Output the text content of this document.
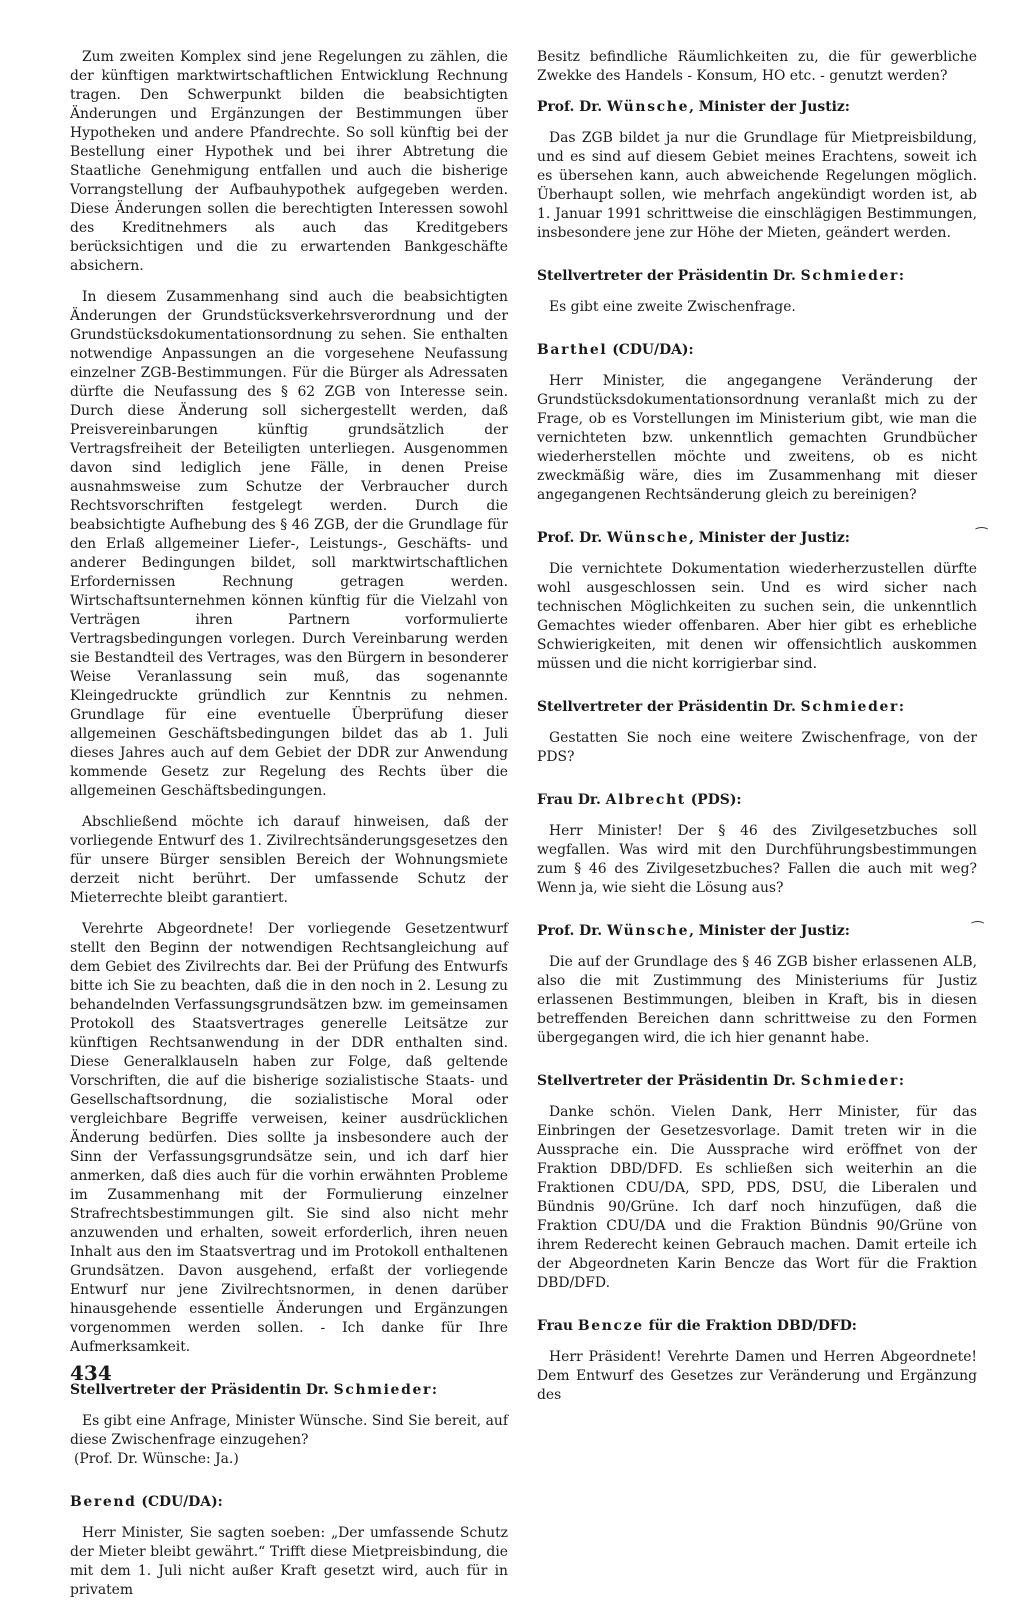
Zum zweiten Komplex sind jene Regelungen zu zählen, die der künftigen marktwirtschaftlichen Entwicklung Rechnung tragen. Den Schwerpunkt bilden die beabsichtigten Änderungen und Ergänzungen der Bestimmungen über Hypotheken und andere Pfandrechte. So soll künftig bei der Bestellung einer Hypothek und bei ihrer Abtretung die Staatliche Genehmigung entfallen und auch die bisherige Vorrangstellung der Aufbauhypothek aufgegeben werden. Diese Änderungen sollen die berechtigten Interessen sowohl des Kreditnehmers als auch das Kreditgebers berücksichtigen und die zu erwartenden Bankgeschäfte absichern.

In diesem Zusammenhang sind auch die beabsichtigten Änderungen der Grundstücksverkehrsverordnung und der Grundstücksdokumentationsordnung zu sehen. Sie enthalten notwendige Anpassungen an die vorgesehene Neufassung einzelner ZGB-Bestimmungen. Für die Bürger als Adressaten dürfte die Neufassung des § 62 ZGB von Interesse sein. Durch diese Änderung soll sichergestellt werden, daß Preisvereinbarungen künftig grundsätzlich der Vertragsfreiheit der Beteiligten unterliegen. Ausgenommen davon sind lediglich jene Fälle, in denen Preise ausnahmsweise zum Schutze der Verbraucher durch Rechtsvorschriften festgelegt werden. Durch die beabsichtigte Aufhebung des § 46 ZGB, der die Grundlage für den Erlaß allgemeiner Liefer-, Leistungs-, Geschäfts- und anderer Bedingungen bildet, soll marktwirtschaftlichen Erfordernissen Rechnung getragen werden. Wirtschaftsunternehmen können künftig für die Vielzahl von Verträgen ihren Partnern vorformulierte Vertragsbedingungen vorlegen. Durch Vereinbarung werden sie Bestandteil des Vertrages, was den Bürgern in besonderer Weise Veranlassung sein muß, das sogenannte Kleingedruckte gründlich zur Kenntnis zu nehmen. Grundlage für eine eventuelle Überprüfung dieser allgemeinen Geschäftsbedingungen bildet das ab 1. Juli dieses Jahres auch auf dem Gebiet der DDR zur Anwendung kommende Gesetz zur Regelung des Rechts über die allgemeinen Geschäftsbedingungen.

Abschließend möchte ich darauf hinweisen, daß der vorliegende Entwurf des 1. Zivilrechtsänderungsgesetzes den für unsere Bürger sensiblen Bereich der Wohnungsmiete derzeit nicht berührt. Der umfassende Schutz der Mieterrechte bleibt garantiert.

Verehrte Abgeordnete! Der vorliegende Gesetzentwurf stellt den Beginn der notwendigen Rechtsangleichung auf dem Gebiet des Zivilrechts dar. Bei der Prüfung des Entwurfs bitte ich Sie zu beachten, daß die in den noch in 2. Lesung zu behandelnden Verfassungsgrundsätzen bzw. im gemeinsamen Protokoll des Staatsvertrages generelle Leitsätze zur künftigen Rechtsanwendung in der DDR enthalten sind. Diese Generalklauseln haben zur Folge, daß geltende Vorschriften, die auf die bisherige sozialistische Staats- und Gesellschaftsordnung, die sozialistische Moral oder vergleichbare Begriffe verweisen, keiner ausdrücklichen Änderung bedürfen. Dies sollte ja insbesondere auch der Sinn der Verfassungsgrundsätze sein, und ich darf hier anmerken, daß dies auch für die vorhin erwähnten Probleme im Zusammenhang mit der Formulierung einzelner Strafrechtsbestimmungen gilt. Sie sind also nicht mehr anzuwenden und erhalten, soweit erforderlich, ihren neuen Inhalt aus den im Staatsvertrag und im Protokoll enthaltenen Grundsätzen. Davon ausgehend, erfaßt der vorliegende Entwurf nur jene Zivilrechtsnormen, in denen darüber hinausgehende essentielle Änderungen und Ergänzungen vorgenommen werden sollen. - Ich danke für Ihre Aufmerksamkeit.

Stellvertreter der Präsidentin Dr. Schmieder:

Es gibt eine Anfrage, Minister Wünsche. Sind Sie bereit, auf diese Zwischenfrage einzugehen?

(Prof. Dr. Wünsche: Ja.)

Berend (CDU/DA):

Herr Minister, Sie sagten soeben: „Der umfassende Schutz der Mieter bleibt gewährt.“ Trifft diese Mietpreisbindung, die mit dem 1. Juli nicht außer Kraft gesetzt wird, auch für in privatem

Besitz befindliche Räumlichkeiten zu, die für gewerbliche Zwekke des Handels - Konsum, HO etc. - genutzt werden?

Prof. Dr. Wünsche, Minister der Justiz:

Das ZGB bildet ja nur die Grundlage für Mietpreisbildung, und es sind auf diesem Gebiet meines Erachtens, soweit ich es übersehen kann, auch abweichende Regelungen möglich. Überhaupt sollen, wie mehrfach angekündigt worden ist, ab 1. Januar 1991 schrittweise die einschlägigen Bestimmungen, insbesondere jene zur Höhe der Mieten, geändert werden.

Stellvertreter der Präsidentin Dr. Schmieder:

Es gibt eine zweite Zwischenfrage.

Barthel (CDU/DA):

Herr Minister, die angegangene Veränderung der Grundstücksdokumentationsordnung veranlaßt mich zu der Frage, ob es Vorstellungen im Ministerium gibt, wie man die vernichteten bzw. unkenntlich gemachten Grundbücher wiederherstellen möchte und zweitens, ob es nicht zweckmäßig wäre, dies im Zusammenhang mit dieser angegangenen Rechtsänderung gleich zu bereinigen?

Prof. Dr. Wünsche, Minister der Justiz:

Die vernichtete Dokumentation wiederherzustellen dürfte wohl ausgeschlossen sein. Und es wird sicher nach technischen Möglichkeiten zu suchen sein, die unkenntlich Gemachtes wieder offenbaren. Aber hier gibt es erhebliche Schwierigkeiten, mit denen wir offensichtlich auskommen müssen und die nicht korrigierbar sind.

Stellvertreter der Präsidentin Dr. Schmieder:

Gestatten Sie noch eine weitere Zwischenfrage, von der PDS?

Frau Dr. Albrecht (PDS):

Herr Minister! Der § 46 des Zivilgesetzbuches soll wegfallen. Was wird mit den Durchführungsbestimmungen zum § 46 des Zivilgesetzbuches? Fallen die auch mit weg? Wenn ja, wie sieht die Lösung aus?

Prof. Dr. Wünsche, Minister der Justiz:

Die auf der Grundlage des § 46 ZGB bisher erlassenen ALB, also die mit Zustimmung des Ministeriums für Justiz erlassenen Bestimmungen, bleiben in Kraft, bis in diesen betreffenden Bereichen dann schrittweise zu den Formen übergegangen wird, die ich hier genannt habe.

Stellvertreter der Präsidentin Dr. Schmieder:

Danke schön. Vielen Dank, Herr Minister, für das Einbringen der Gesetzesvorlage. Damit treten wir in die Aussprache ein. Die Aussprache wird eröffnet von der Fraktion DBD/DFD. Es schließen sich weiterhin an die Fraktionen CDU/DA, SPD, PDS, DSU, die Liberalen und Bündnis 90/Grüne. Ich darf noch hinzufügen, daß die Fraktion CDU/DA und die Fraktion Bündnis 90/Grüne von ihrem Rederecht keinen Gebrauch machen. Damit erteile ich der Abgeordneten Karin Bencze das Wort für die Fraktion DBD/DFD.

Frau Bencze für die Fraktion DBD/DFD:

Herr Präsident! Verehrte Damen und Herren Abgeordnete! Dem Entwurf des Gesetzes zur Veränderung und Ergänzung des

⁀
⁀
434
